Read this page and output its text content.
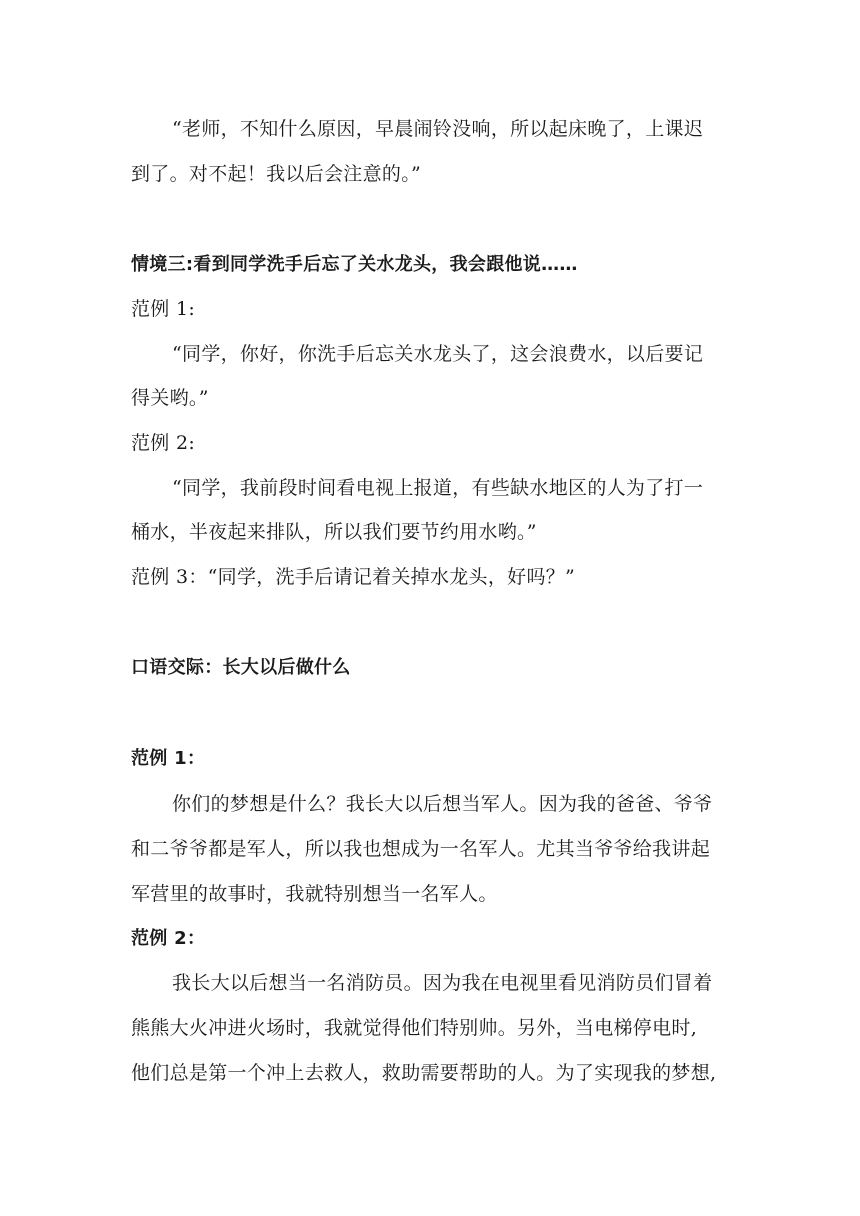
“老师，不知什么原因，早晨闹铃没响，所以起床晚了，上课迟
到了。对不起！我以后会注意的。”
情境三:看到同学洗手后忘了关水龙头，我会跟他说……
范例 1:
“同学，你好，你洗手后忘关水龙头了，这会浪费水，以后要记
得关哟。”
范例 2:
“同学，我前段时间看电视上报道，有些缺水地区的人为了打一
桶水，半夜起来排队，所以我们要节约用水哟。”
范例 3：“同学，洗手后请记着关掉水龙头，好吗？”
口语交际：长大以后做什么
范例 1：
你们的梦想是什么？我长大以后想当军人。因为我的爸爸、爷爷
和二爷爷都是军人，所以我也想成为一名军人。尤其当爷爷给我讲起
军营里的故事时，我就特别想当一名军人。
范例 2：
我长大以后想当一名消防员。因为我在电视里看见消防员们冒着
熊熊大火冲进火场时，我就觉得他们特别帅。另外，当电梯停电时,
他们总是第一个冲上去救人，救助需要帮助的人。为了实现我的梦想,
